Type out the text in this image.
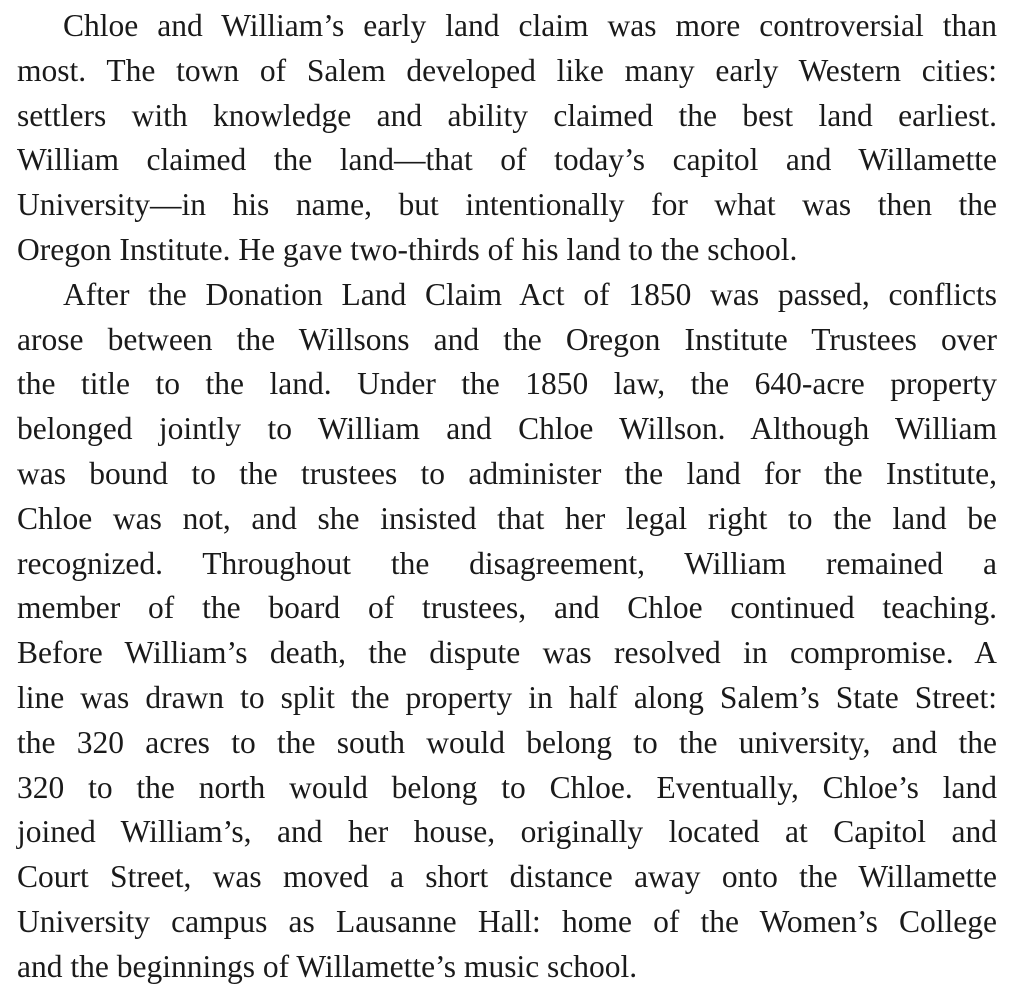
Chloe and William’s early land claim was more controversial than
most. The town of Salem developed like many early Western cities:
settlers with knowledge and ability claimed the best land earliest.
William claimed the land—that of today’s capitol and Willamette
University—in his name, but intentionally for what was then the
Oregon Institute. He gave two-thirds of his land to the school.

After the Donation Land Claim Act of 1850 was passed, conflicts
arose between the Willsons and the Oregon Institute Trustees over
the title to the land. Under the 1850 law, the 640-acre property
belonged jointly to William and Chloe Willson. Although William
was bound to the trustees to administer the land for the Institute,
Chloe was not, and she insisted that her legal right to the land be
recognized. Throughout the disagreement, William remained a
member of the board of trustees, and Chloe continued teaching.
Before William’s death, the dispute was resolved in compromise. A
line was drawn to split the property in half along Salem’s State Street:
the 320 acres to the south would belong to the university, and the
320 to the north would belong to Chloe. Eventually, Chloe’s land
joined William’s, and her house, originally located at Capitol and
Court Street, was moved a short distance away onto the Willamette
University campus as Lausanne Hall: home of the Women’s College
and the beginnings of Willamette’s music school.
